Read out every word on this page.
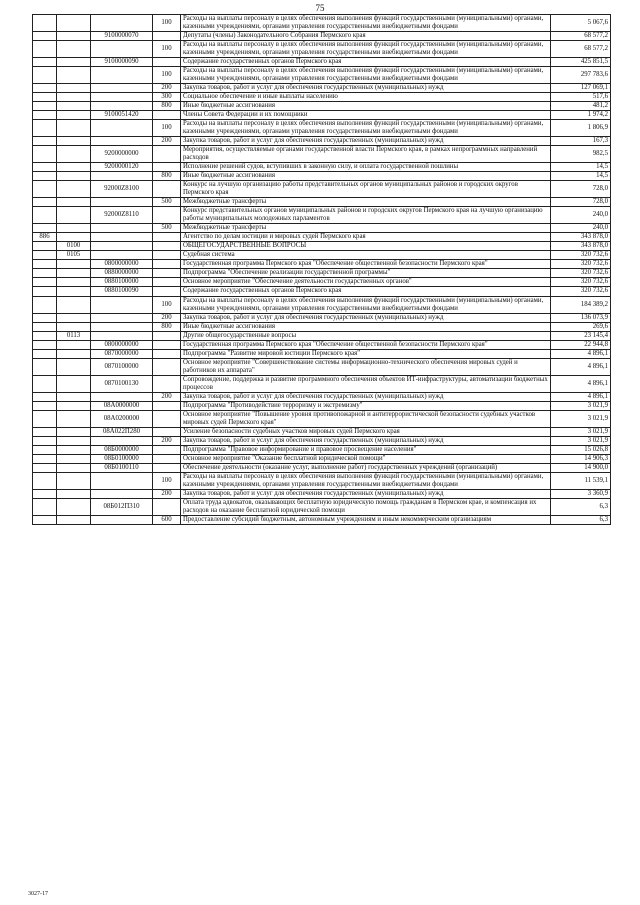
75
			100	Расходы на выплаты персоналу в целях обеспечения выполнения функций государственными (муниципальными) органами, казенными учреждениями, органами управления государственными внебюджетными фондами	5 067,6
		9100000070		Депутаты (члены) Законодательного Собрания Пермского края	68 577,2
			100	Расходы на выплаты персоналу в целях обеспечения выполнения функций государственными (муниципальными) органами, казенными учреждениями, органами управления государственными внебюджетными фондами	68 577,2
		9100000090		Содержание государственных органов Пермского края	425 851,5
			100	Расходы на выплаты персоналу в целях обеспечения выполнения функций государственными (муниципальными) органами, казенными учреждениями, органами управления государственными внебюджетными фондами	297 783,6
			200	Закупка товаров, работ и услуг для обеспечения государственных (муниципальных) нужд	127 069,1
			300	Социальное обеспечение и иные выплаты населению	517,6
			800	Иные бюджетные ассигнования	481,2
		9100051420		Члены Совета Федерации и их помощники	1 974,2
			100	Расходы на выплаты персоналу в целях обеспечения выполнения функций государственными (муниципальными) органами, казенными учреждениями, органами управления государственными внебюджетными фондами	1 806,9
			200	Закупка товаров, работ и услуг для обеспечения государственных (муниципальных) нужд	167,3
		9200000000		Мероприятия, осуществляемые органами государственной власти Пермского края, в рамках непрограммных направлений расходов	982,5
		9200000120		Исполнение решений судов, вступивших в законную силу, и оплата государственной пошлины	14,5
			800	Иные бюджетные ассигнования	14,5
		92000Z8100		Конкурс на лучшую организацию работы представительных органов муниципальных районов и городских округов Пермского края	728,0
			500	Межбюджетные трансферты	728,0
		92000Z8110		Конкурс представительных органов муниципальных районов и городских округов Пермского края на лучшую организацию работы муниципальных молодежных парламентов	240,0
			500	Межбюджетные трансферты	240,0
886				Агентство по делам юстиции и мировых судей Пермского края	343 878,0
	0100			ОБЩЕГОСУДАРСТВЕННЫЕ ВОПРОСЫ	343 878,0
	0105			Судебная система	320 732,6
		0800000000		Государственная программа Пермского края "Обеспечение общественной безопасности Пермского края"	320 732,6
		0880000000		Подпрограмма "Обеспечение реализации государственной программы"	320 732,6
		0880100000		Основное мероприятие "Обеспечение деятельности государственных органов"	320 732,6
		0880100090		Содержание государственных органов Пермского края	320 732,6
			100	Расходы на выплаты персоналу в целях обеспечения выполнения функций государственными (муниципальными) органами, казенными учреждениями, органами управления государственными внебюджетными фондами	184 389,2
			200	Закупка товаров, работ и услуг для обеспечения государственных (муниципальных) нужд	136 073,9
			800	Иные бюджетные ассигнования	269,6
	0113			Другие общегосударственные вопросы	23 145,4
		0800000000		Государственная программа Пермского края "Обеспечение общественной безопасности Пермского края"	22 944,8
		0870000000		Подпрограмма "Развитие мировой юстиции Пермского края"	4 896,1
		0870100000		Основное мероприятие "Совершенствование системы информационно-технического обеспечения мировых судей и работников их аппарата"	4 896,1
		0870100130		Сопровождение, поддержка и развитие программного обеспечения объектов ИТ-инфраструктуры, автоматизации бюджетных процессов	4 896,1
			200	Закупка товаров, работ и услуг для обеспечения государственных (муниципальных) нужд	4 896,1
		08А0000000		Подпрограмма "Противодействие терроризму и экстремизму"	3 021,9
		08А0200000		Основное мероприятие "Повышение уровня противопожарной и антитеррористической безопасности судебных участков мировых судей Пермского края"	3 021,9
		08А022П280		Усиление безопасности судебных участков мировых судей Пермского края	3 021,9
			200	Закупка товаров, работ и услуг для обеспечения государственных (муниципальных) нужд	3 021,9
		08Б0000000		Подпрограмма "Правовое информирование и правовое просвещение населения"	15 026,8
		08Б0100000		Основное мероприятие "Оказание бесплатной юридической помощи"	14 906,3
		08Б0100110		Обеспечение деятельности (оказание услуг, выполнение работ) государственных учреждений (организаций)	14 900,0
			100	Расходы на выплаты персоналу в целях обеспечения выполнения функций государственными (муниципальными) органами, казенными учреждениями, органами управления государственными внебюджетными фондами	11 539,1
			200	Закупка товаров, работ и услуг для обеспечения государственных (муниципальных) нужд	3 360,9
		08Б012П310		Оплата труда адвокатов, оказывающих бесплатную юридическую помощь гражданам в Пермском крае, и компенсация их расходов на оказание бесплатной юридической помощи	6,3
			600	Предоставление субсидий бюджетным, автономным учреждениям и иным некоммерческим организациям	6,3
3027-17
